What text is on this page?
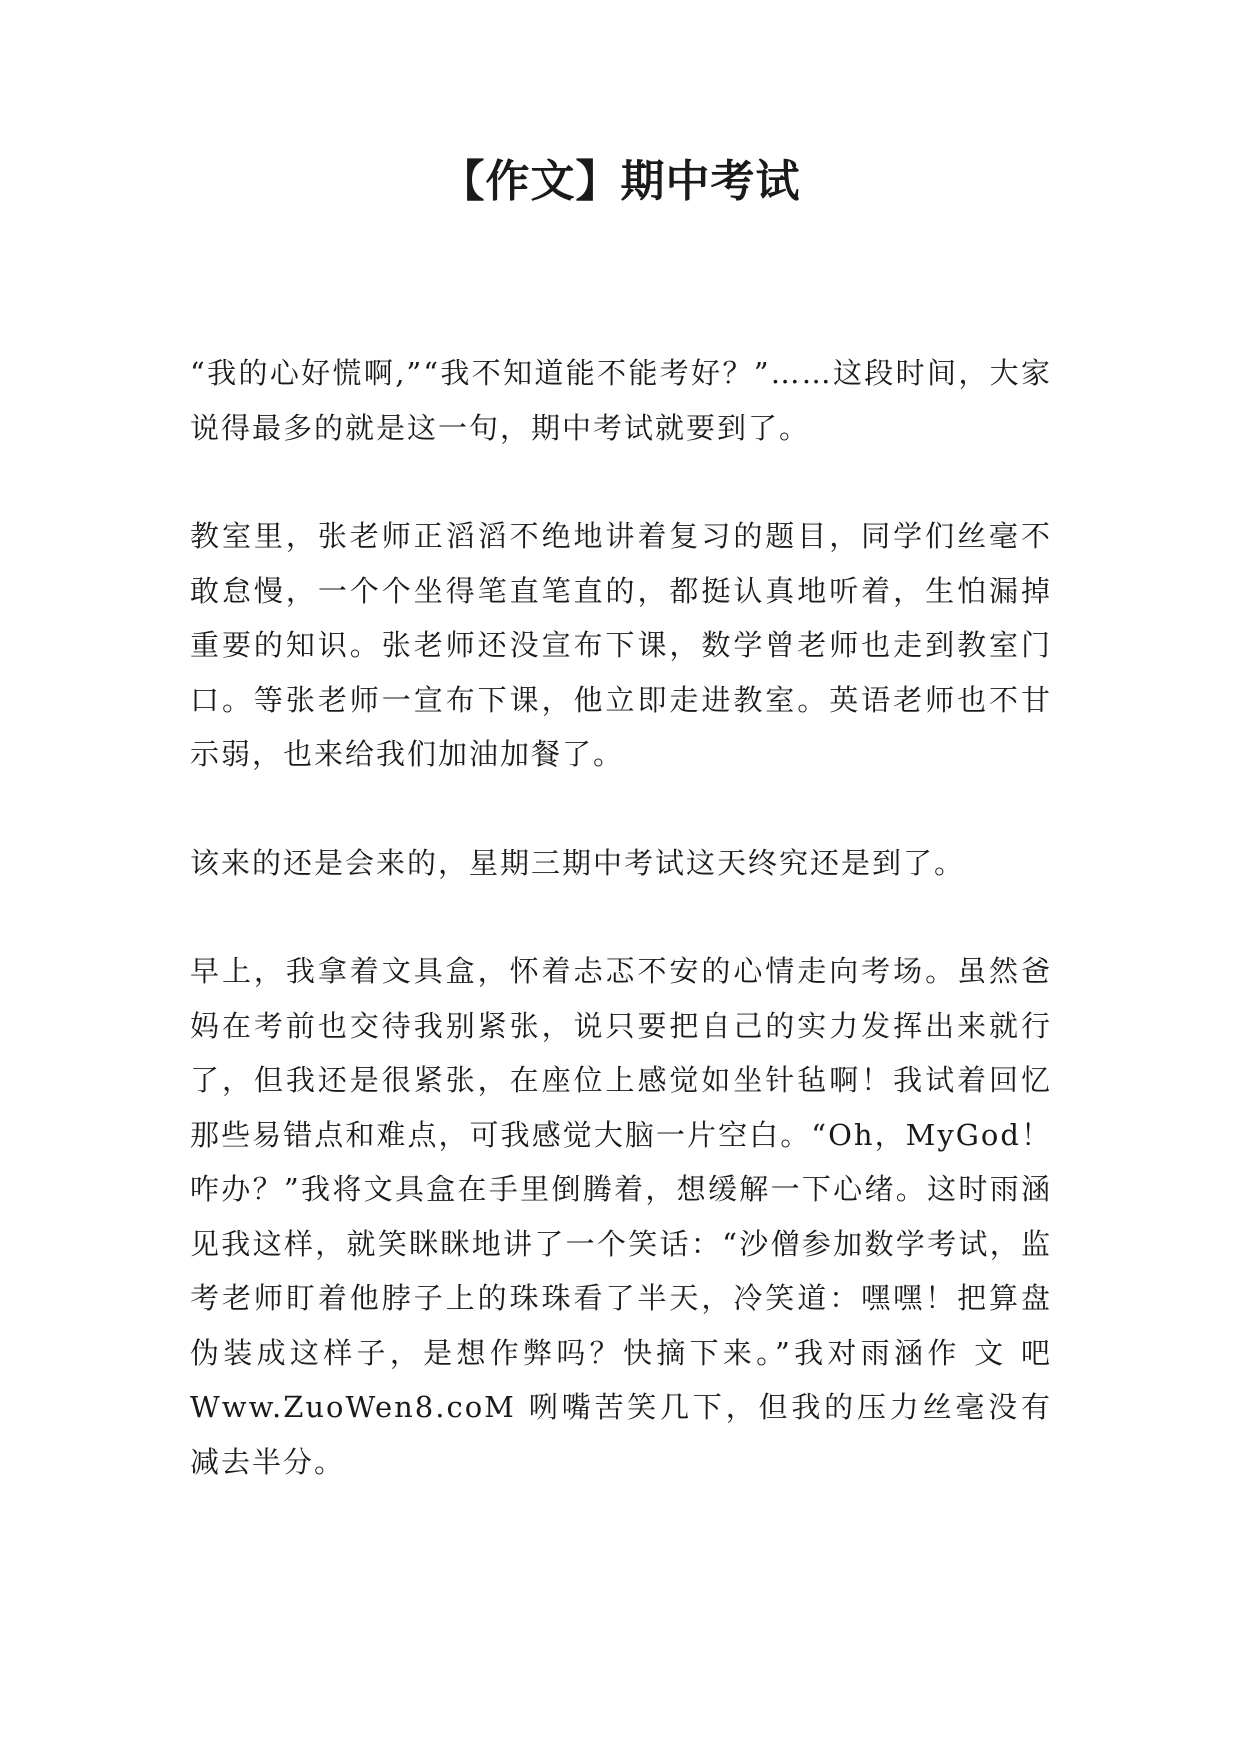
【作文】期中考试

“我的心好慌啊,”“我不知道能不能考好？”……这段时间，大家说得最多的就是这一句，期中考试就要到了。

教室里，张老师正滔滔不绝地讲着复习的题目，同学们丝毫不敢怠慢，一个个坐得笔直笔直的，都挺认真地听着，生怕漏掉重要的知识。张老师还没宣布下课，数学曾老师也走到教室门口。等张老师一宣布下课，他立即走进教室。英语老师也不甘示弱，也来给我们加油加餐了。

该来的还是会来的，星期三期中考试这天终究还是到了。

早上，我拿着文具盒，怀着忐忑不安的心情走向考场。虽然爸妈在考前也交待我别紧张，说只要把自己的实力发挥出来就行了，但我还是很紧张，在座位上感觉如坐针毡啊！我试着回忆那些易错点和难点，可我感觉大脑一片空白。“Oh，MyGod！咋办？”我将文具盒在手里倒腾着，想缓解一下心绪。这时雨涵见我这样，就笑眯眯地讲了一个笑话：“沙僧参加数学考试，监考老师盯着他脖子上的珠珠看了半天，冷笑道：嘿嘿！把算盘伪装成这样子，是想作弊吗？快摘下来。”我对雨涵作 文 吧 Www.ZuoWen8.coM 咧嘴苦笑几下，但我的压力丝毫没有减去半分。
